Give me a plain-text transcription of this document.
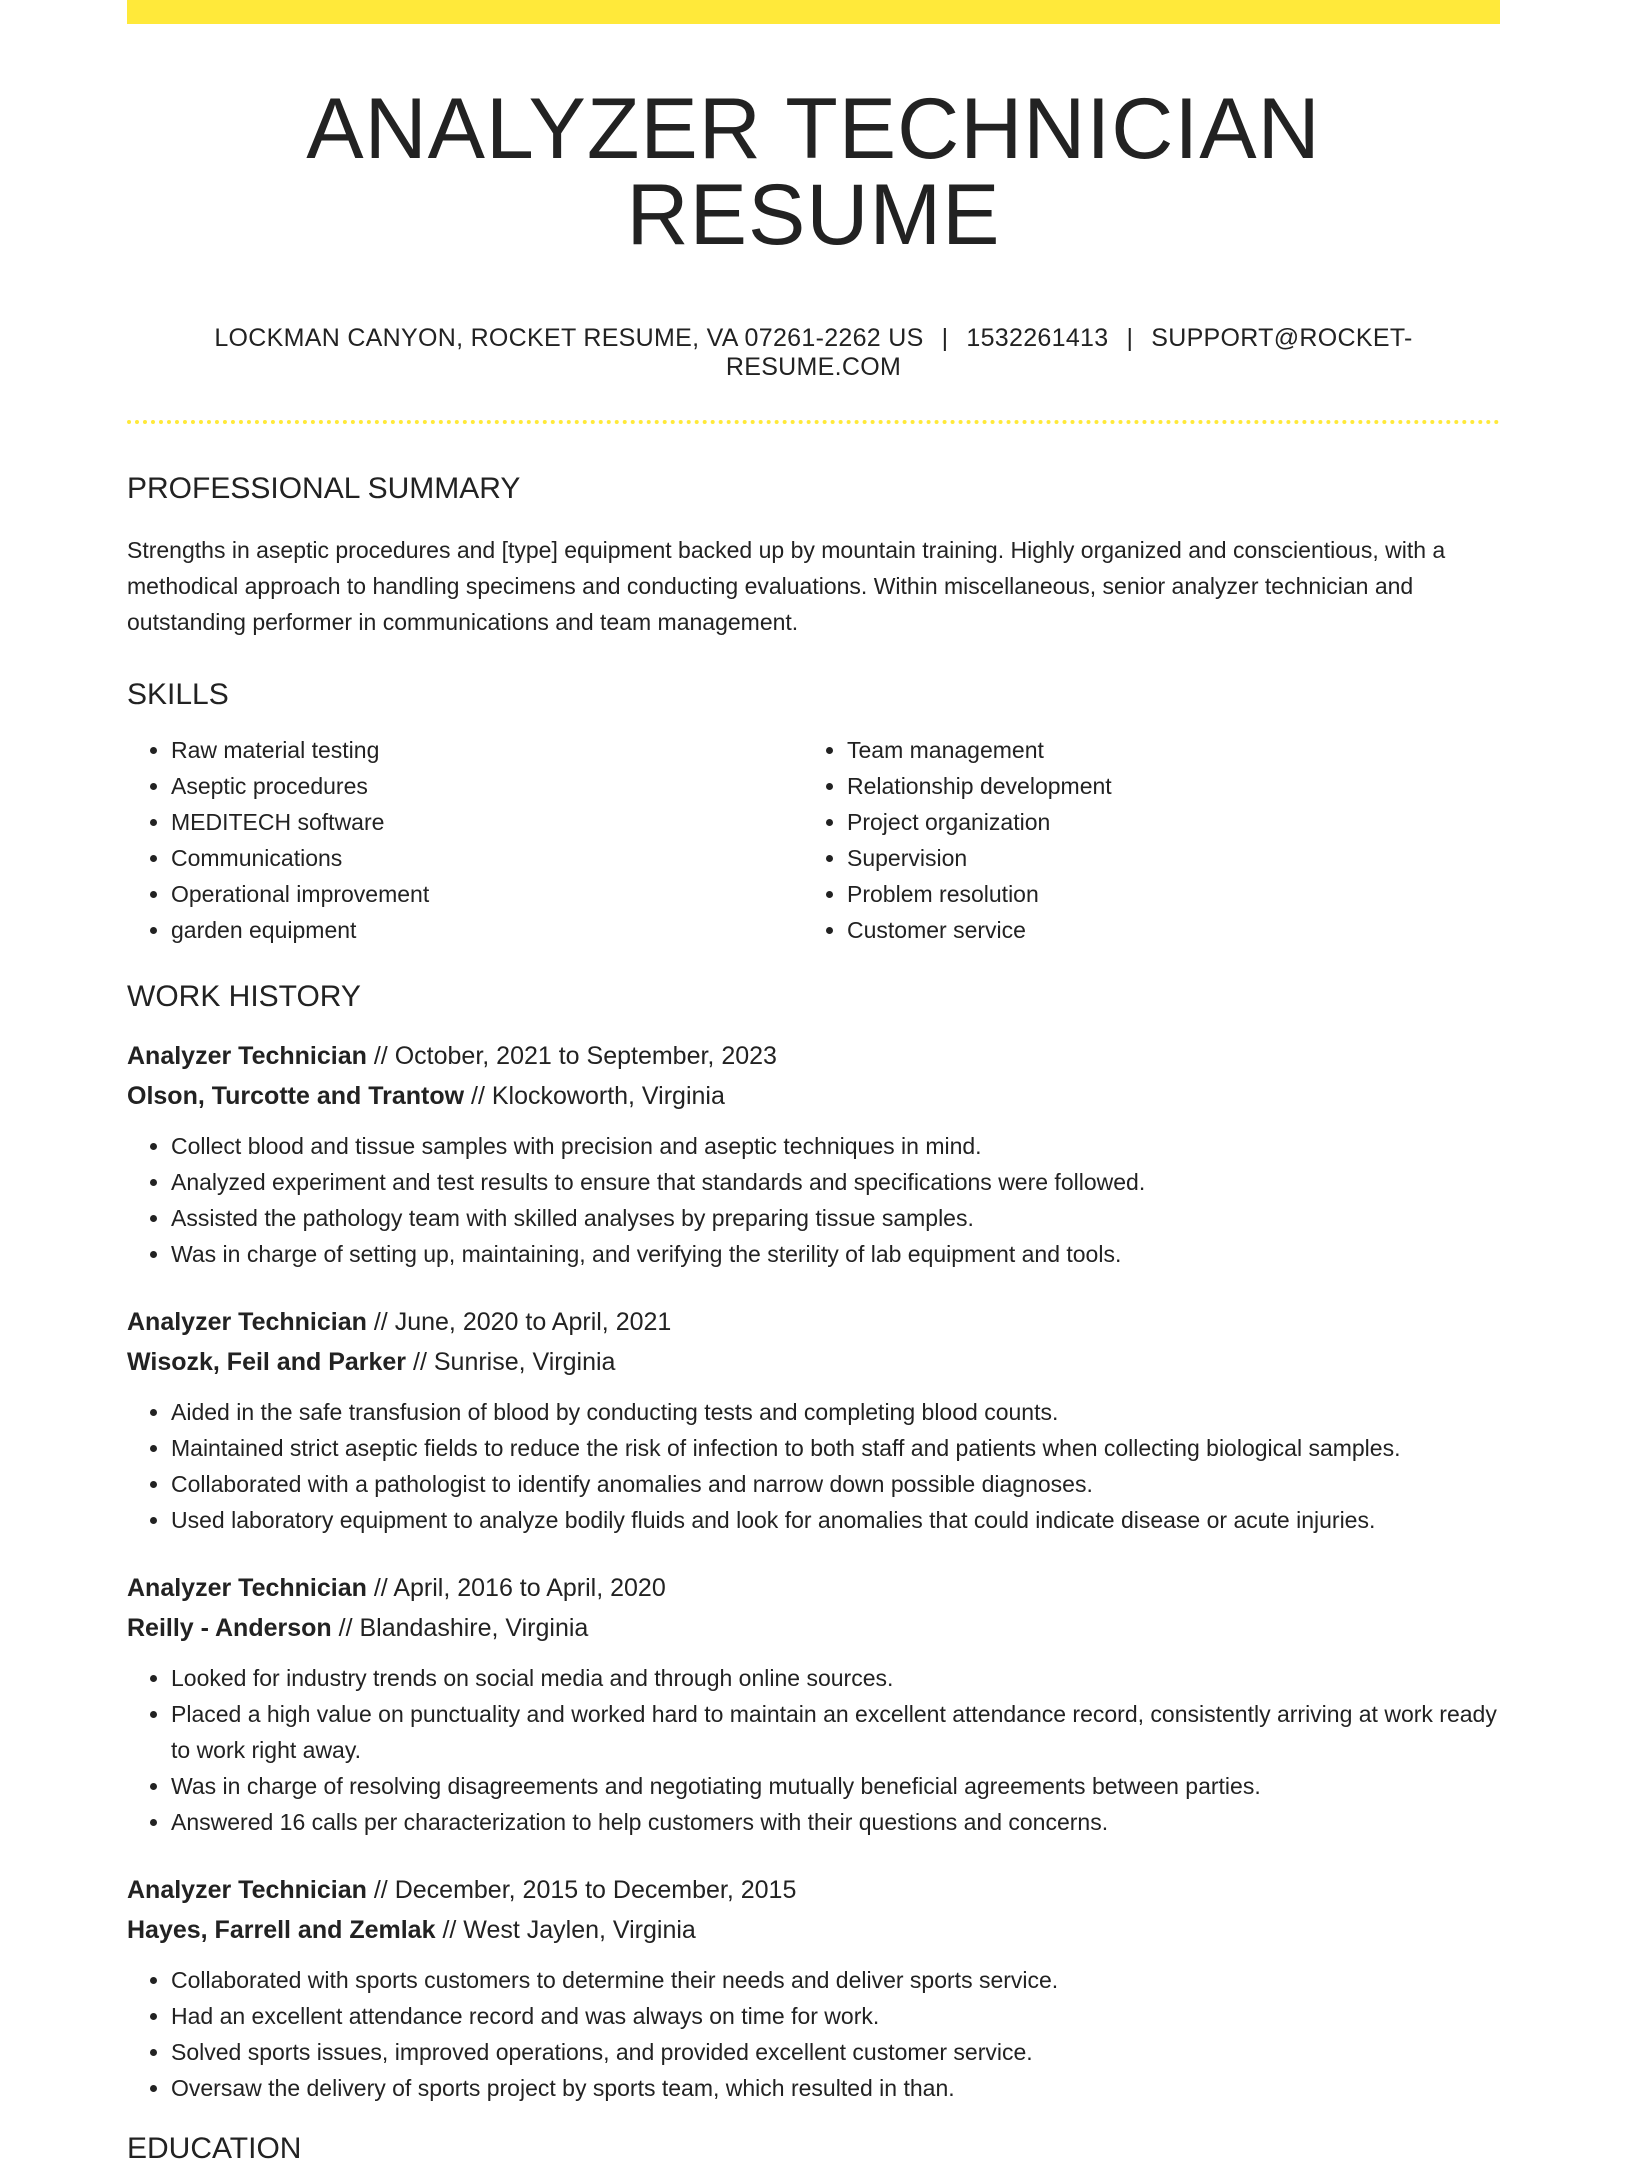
ANALYZER TECHNICIAN RESUME
LOCKMAN CANYON, ROCKET RESUME, VA 07261-2262 US | 1532261413 | SUPPORT@ROCKET-RESUME.COM
PROFESSIONAL SUMMARY

Strengths in aseptic procedures and [type] equipment backed up by mountain training. Highly organized and conscientious, with a methodical approach to handling specimens and conducting evaluations. Within miscellaneous, senior analyzer technician and outstanding performer in communications and team management.

SKILLS
• Raw material testing
• Aseptic procedures
• MEDITECH software
• Communications
• Operational improvement
• garden equipment
• Team management
• Relationship development
• Project organization
• Supervision
• Problem resolution
• Customer service
WORK HISTORY
Analyzer Technician // October, 2021 to September, 2023
Olson, Turcotte and Trantow // Klockoworth, Virginia
• Collect blood and tissue samples with precision and aseptic techniques in mind.
• Analyzed experiment and test results to ensure that standards and specifications were followed.
• Assisted the pathology team with skilled analyses by preparing tissue samples.
• Was in charge of setting up, maintaining, and verifying the sterility of lab equipment and tools.
Analyzer Technician // June, 2020 to April, 2021
Wisozk, Feil and Parker // Sunrise, Virginia
• Aided in the safe transfusion of blood by conducting tests and completing blood counts.
• Maintained strict aseptic fields to reduce the risk of infection to both staff and patients when collecting biological samples.
• Collaborated with a pathologist to identify anomalies and narrow down possible diagnoses.
• Used laboratory equipment to analyze bodily fluids and look for anomalies that could indicate disease or acute injuries.
Analyzer Technician // April, 2016 to April, 2020
Reilly - Anderson // Blandashire, Virginia
• Looked for industry trends on social media and through online sources.
• Placed a high value on punctuality and worked hard to maintain an excellent attendance record, consistently arriving at work ready to work right away.
• Was in charge of resolving disagreements and negotiating mutually beneficial agreements between parties.
• Answered 16 calls per characterization to help customers with their questions and concerns.
Analyzer Technician // December, 2015 to December, 2015
Hayes, Farrell and Zemlak // West Jaylen, Virginia
• Collaborated with sports customers to determine their needs and deliver sports service.
• Had an excellent attendance record and was always on time for work.
• Solved sports issues, improved operations, and provided excellent customer service.
• Oversaw the delivery of sports project by sports team, which resulted in than.
EDUCATION
